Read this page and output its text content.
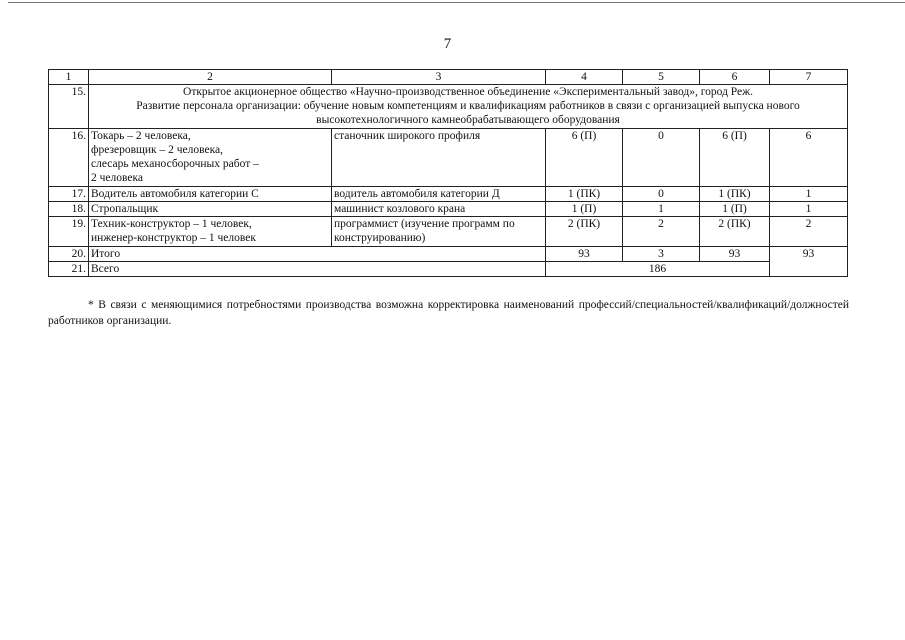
7
1	2	3	4	5	6	7
15.	Открытое акционерное общество «Научно-производственное объединение «Экспериментальный завод», город Реж.
Развитие персонала организации: обучение новым компетенциям и квалификациям работников в связи с организацией выпуска нового высокотехнологичного камнеобрабатывающего оборудования					

16.	Токарь – 2 человека,
фрезеровщик – 2 человека,
слесарь механосборочных работ –
2 человека	станочник широкого профиля	6 (П)	0	6 (П)	6
17.	Водитель автомобиля категории С	водитель автомобиля категории Д	1 (ПК)	0	1 (ПК)	1
18.	Стропальщик	машинист козлового крана	1 (П)	1	1 (П)	1
19.	Техник-конструктор – 1 человек,
инженер-конструктор – 1 человек	программист (изучение программ по конструированию)	2 (ПК)	2	2 (ПК)	2
20.	Итого		93	3	93	93
21.	Всего		186			
* В связи с меняющимися потребностями производства возможна корректировка наименований профессий/специальностей/квалификаций/должностей работников организации.
